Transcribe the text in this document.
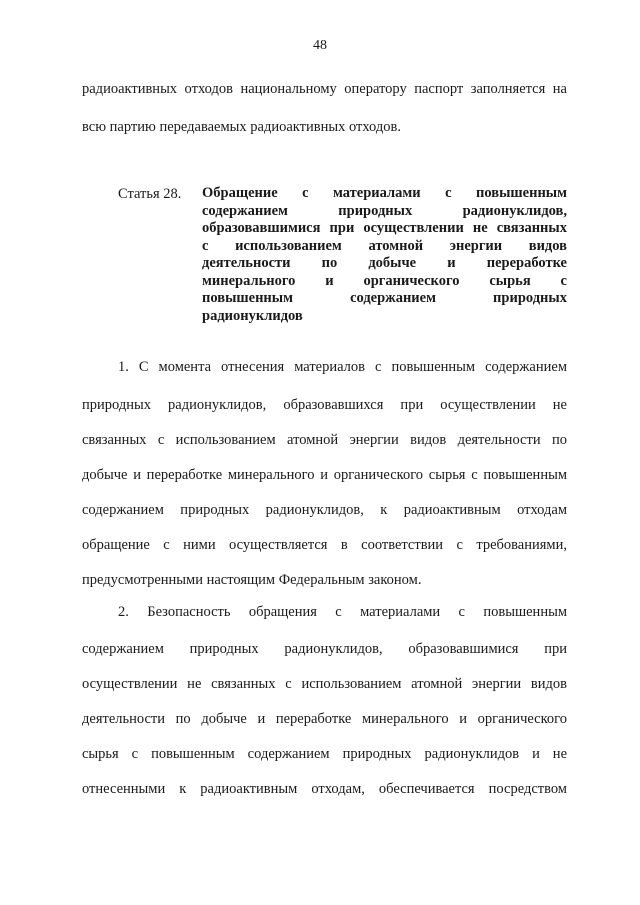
48
радиоактивных отходов национальному оператору паспорт заполняется на
всю партию передаваемых радиоактивных отходов.
Статья 28. Обращение с материалами с повышенным
содержанием природных радионуклидов,
образовавшимися при осуществлении не связанных
с использованием атомной энергии видов
деятельности по добыче и переработке
минерального и органического сырья с
повышенным содержанием природных
радионуклидов
1. С момента отнесения материалов с повышенным содержанием
природных радионуклидов, образовавшихся при осуществлении не
связанных с использованием атомной энергии видов деятельности по
добыче и переработке минерального и органического сырья с повышенным
содержанием природных радионуклидов, к радиоактивным отходам
обращение с ними осуществляется в соответствии с требованиями,
предусмотренными настоящим Федеральным законом.
2. Безопасность обращения с материалами с повышенным
содержанием природных радионуклидов, образовавшимися при
осуществлении не связанных с использованием атомной энергии видов
деятельности по добыче и переработке минерального и органического
сырья с повышенным содержанием природных радионуклидов и не
отнесенными к радиоактивным отходам, обеспечивается посредством
